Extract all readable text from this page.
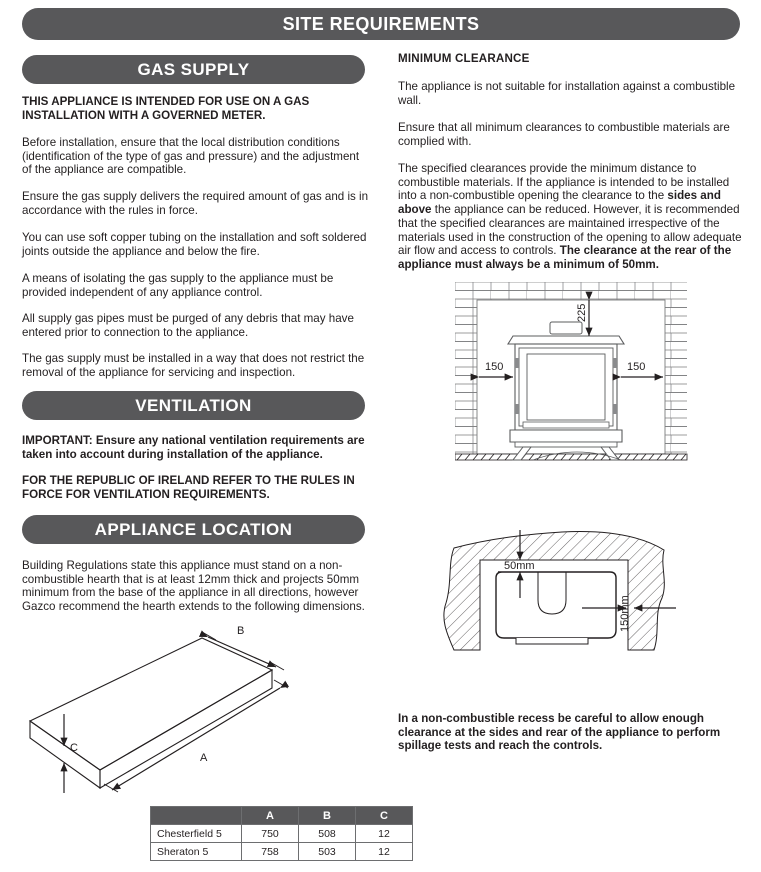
SITE REQUIREMENTS
GAS SUPPLY

THIS APPLIANCE IS INTENDED FOR USE ON A GAS INSTALLATION WITH A GOVERNED METER.

Before installation, ensure that the local distribution conditions (identification of the type of gas and pressure) and the adjustment of the appliance are compatible.

Ensure the gas supply delivers the required amount of gas and is in accordance with the rules in force.

You can use soft copper tubing on the installation and soft soldered joints outside the appliance and below the fire.

A means of isolating the gas supply to the appliance must be provided independent of any appliance control.

All supply gas pipes must be purged of any debris that may have entered prior to connection to the appliance.

The gas supply must be installed in a way that does not restrict the removal of the appliance for servicing and inspection.

VENTILATION

IMPORTANT: Ensure any national ventilation requirements are taken into account during installation of the appliance.

FOR THE REPUBLIC OF IRELAND REFER TO THE RULES IN FORCE FOR VENTILATION REQUIREMENTS.

APPLIANCE LOCATION

Building Regulations state this appliance must stand on a non-combustible hearth that is at least 12mm thick and projects 50mm minimum from the base of the appliance in all directions, however Gazco recommend the hearth extends to the following dimensions.

B
A
C
	A	B	C
Chesterfield 5	750	508	12
Sheraton 5	758	503	12

MINIMUM CLEARANCE

The appliance is not suitable for installation against a combustible wall.

Ensure that all minimum clearances to combustible materials are complied with.

The specified clearances provide the minimum distance to combustible materials. If the appliance is intended to be installed into a non-combustible opening the clearance to the sides and above the appliance can be reduced. However, it is recommended that the specified clearances are maintained irrespective of the materials used in the construction of the opening to allow adequate air flow and access to controls. The clearance at the rear of the appliance must always be a minimum of 50mm.

225
150	150
50mm
150mm

In a non-combustible recess be careful to allow enough clearance at the sides and rear of the appliance to perform spillage tests and reach the controls.
